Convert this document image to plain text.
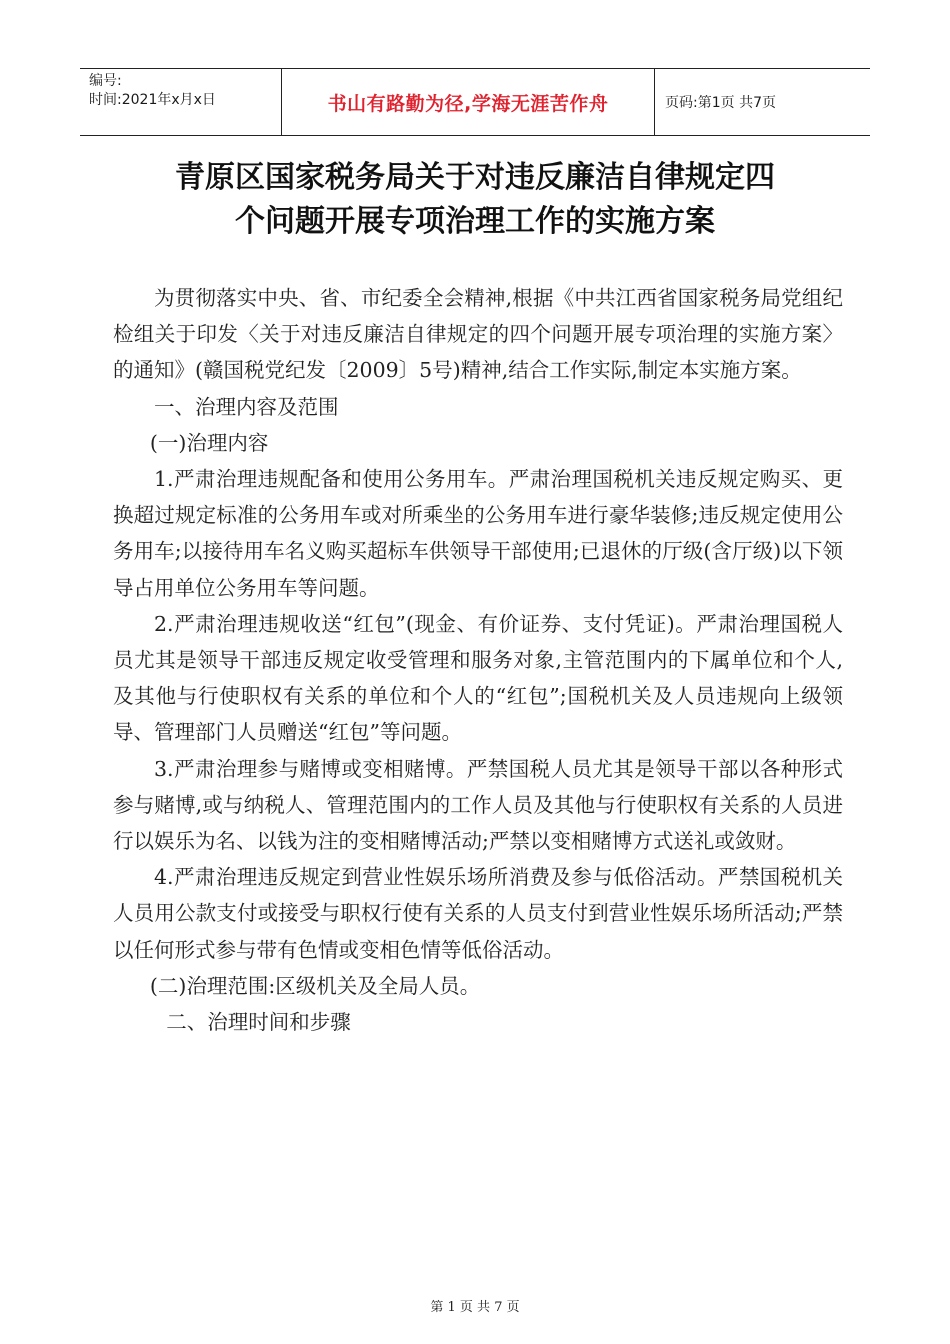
编号:
时间:2021年x月x日	书山有路勤为径,学海无涯苦作舟	页码:第1页 共7页
青原区国家税务局关于对违反廉洁自律规定四
个问题开展专项治理工作的实施方案

为贯彻落实中央、省、市纪委全会精神,根据《中共江西省国家税务局党组纪检组关于印发〈关于对违反廉洁自律规定的四个问题开展专项治理的实施方案〉的通知》(赣国税党纪发〔2009〕5号)精神,结合工作实际,制定本实施方案。

一、治理内容及范围

(一)治理内容

1.严肃治理违规配备和使用公务用车。严肃治理国税机关违反规定购买、更换超过规定标准的公务用车或对所乘坐的公务用车进行豪华装修;违反规定使用公务用车;以接待用车名义购买超标车供领导干部使用;已退休的厅级(含厅级)以下领导占用单位公务用车等问题。

2.严肃治理违规收送“红包”(现金、有价证券、支付凭证)。严肃治理国税人员尤其是领导干部违反规定收受管理和服务对象,主管范围内的下属单位和个人,及其他与行使职权有关系的单位和个人的“红包”;国税机关及人员违规向上级领导、管理部门人员赠送“红包”等问题。

3.严肃治理参与赌博或变相赌博。严禁国税人员尤其是领导干部以各种形式参与赌博,或与纳税人、管理范围内的工作人员及其他与行使职权有关系的人员进行以娱乐为名、以钱为注的变相赌博活动;严禁以变相赌博方式送礼或敛财。

4.严肃治理违反规定到营业性娱乐场所消费及参与低俗活动。严禁国税机关人员用公款支付或接受与职权行使有关系的人员支付到营业性娱乐场所活动;严禁以任何形式参与带有色情或变相色情等低俗活动。

(二)治理范围:区级机关及全局人员。

二、治理时间和步骤

第 1 页 共 7 页
